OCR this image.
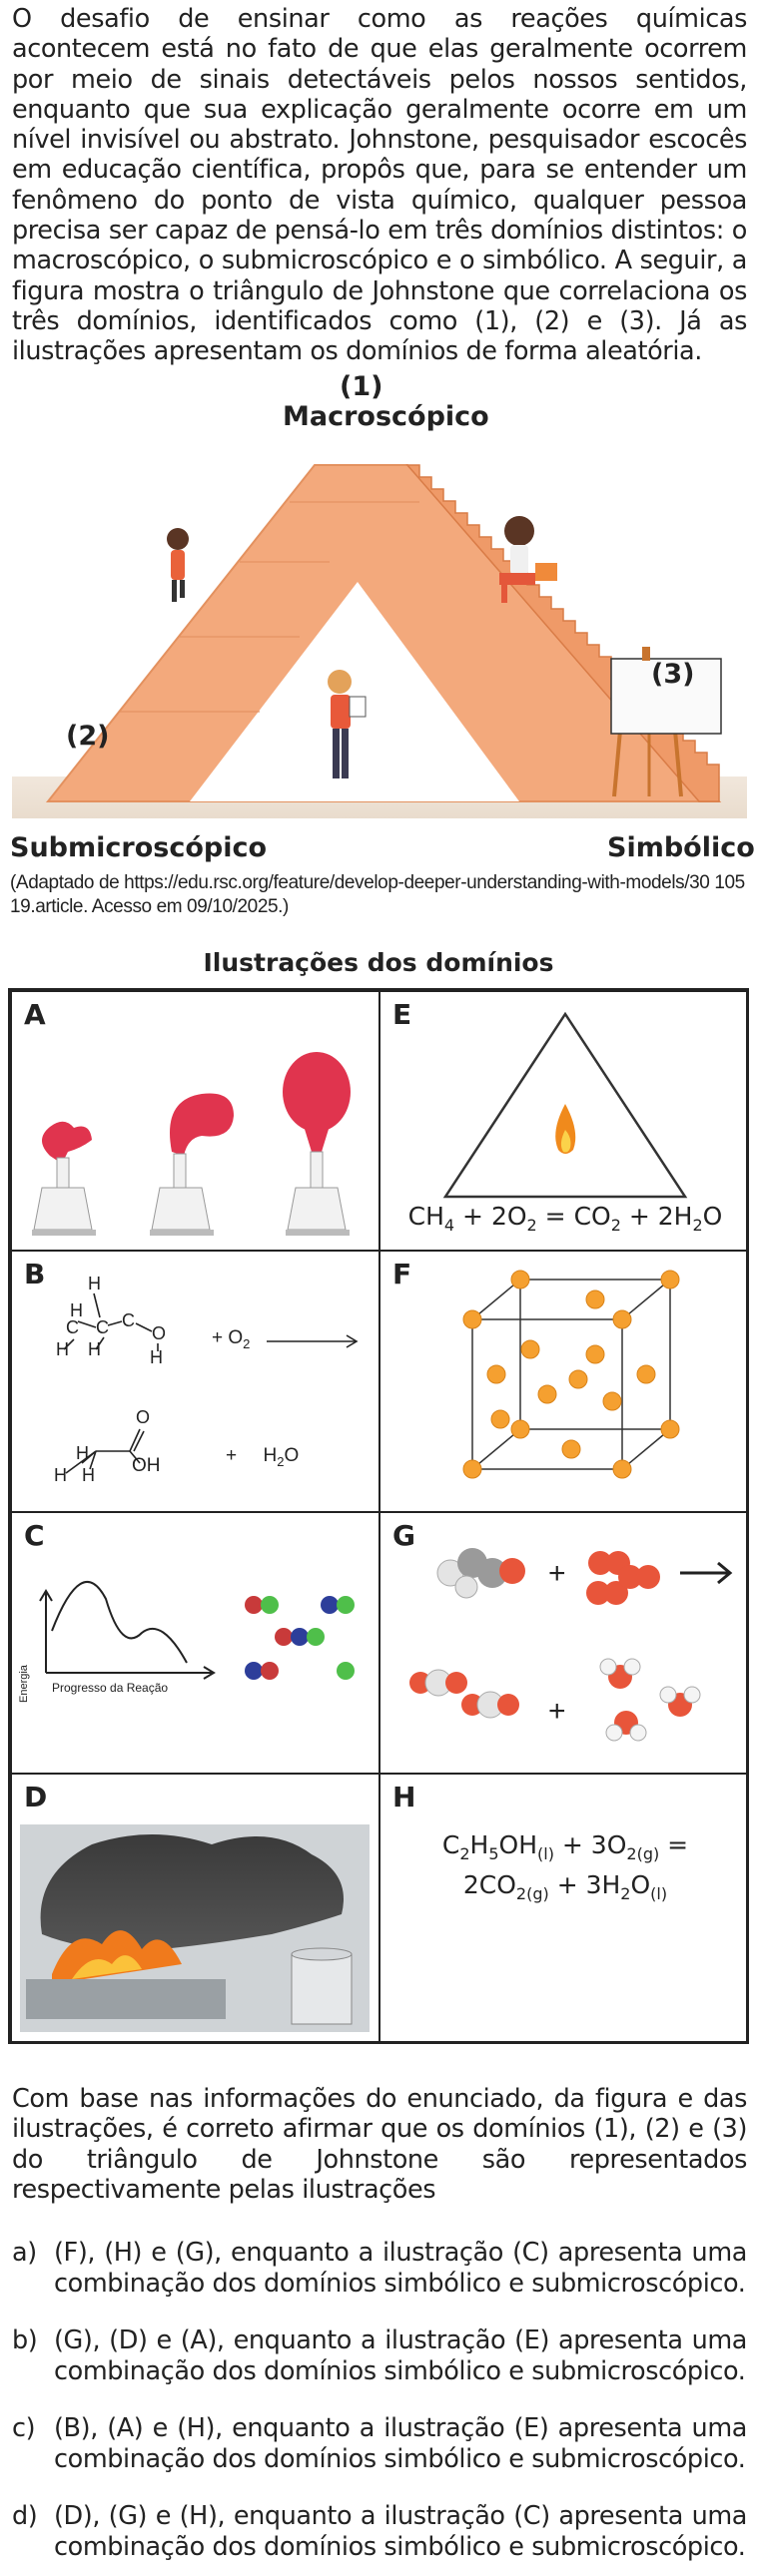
O desafio de ensinar como as reações químicas acontecem está no fato de que elas geralmente ocorrem por meio de sinais detectáveis pelos nossos sentidos, enquanto que sua explicação geralmente ocorre em um nível invisível ou abstrato. Johnstone, pesquisador escocês em educação científica, propôs que, para se entender um fenômeno do ponto de vista químico, qualquer pessoa precisa ser capaz de pensá-lo em três domínios distintos: o macroscópico, o submicroscópico e o simbólico. A seguir, a figura mostra o triângulo de Johnstone que correlaciona os três domínios, identificados como (1), (2) e (3). Já as ilustrações apresentam os domínios de forma aleatória.
(1)
Macroscópico
(2)
(3)
Submicroscópico	Simbólico
(Adaptado de https://edu.rsc.org/feature/develop-deeper-understanding-with-models/30 105 19.article. Acesso em 09/10/2025.)
Ilustrações dos domínios
A	E
$CH_4 + 2O_2 = CO_2 + 2H_2O$
B H
H
H H
C C
O
H
C
H
H H
O
+ $O_2$
OH	+ $H_2O$
F
C
Energia Progresso da Reação
G
+
+
D	H
$C_2H_5OH_{(l)} + 3O_{2(g)}$ =
$2CO_{2(g)} + 3H_2O_{(l)}$
Com base nas informações do enunciado, da figura e das ilustrações, é correto afirmar que os domínios (1), (2) e (3) do triângulo de Johnstone são representados respectivamente pelas ilustrações
a) (F), (H) e (G), enquanto a ilustração (C) apresenta uma combinação dos domínios simbólico e submicroscópico.
b) (G), (D) e (A), enquanto a ilustração (E) apresenta uma combinação dos domínios simbólico e submicroscópico.
c) (B), (A) e (H), enquanto a ilustração (E) apresenta uma combinação dos domínios simbólico e submicroscópico.
d) (D), (G) e (H), enquanto a ilustração (C) apresenta uma combinação dos domínios simbólico e submicroscópico.
